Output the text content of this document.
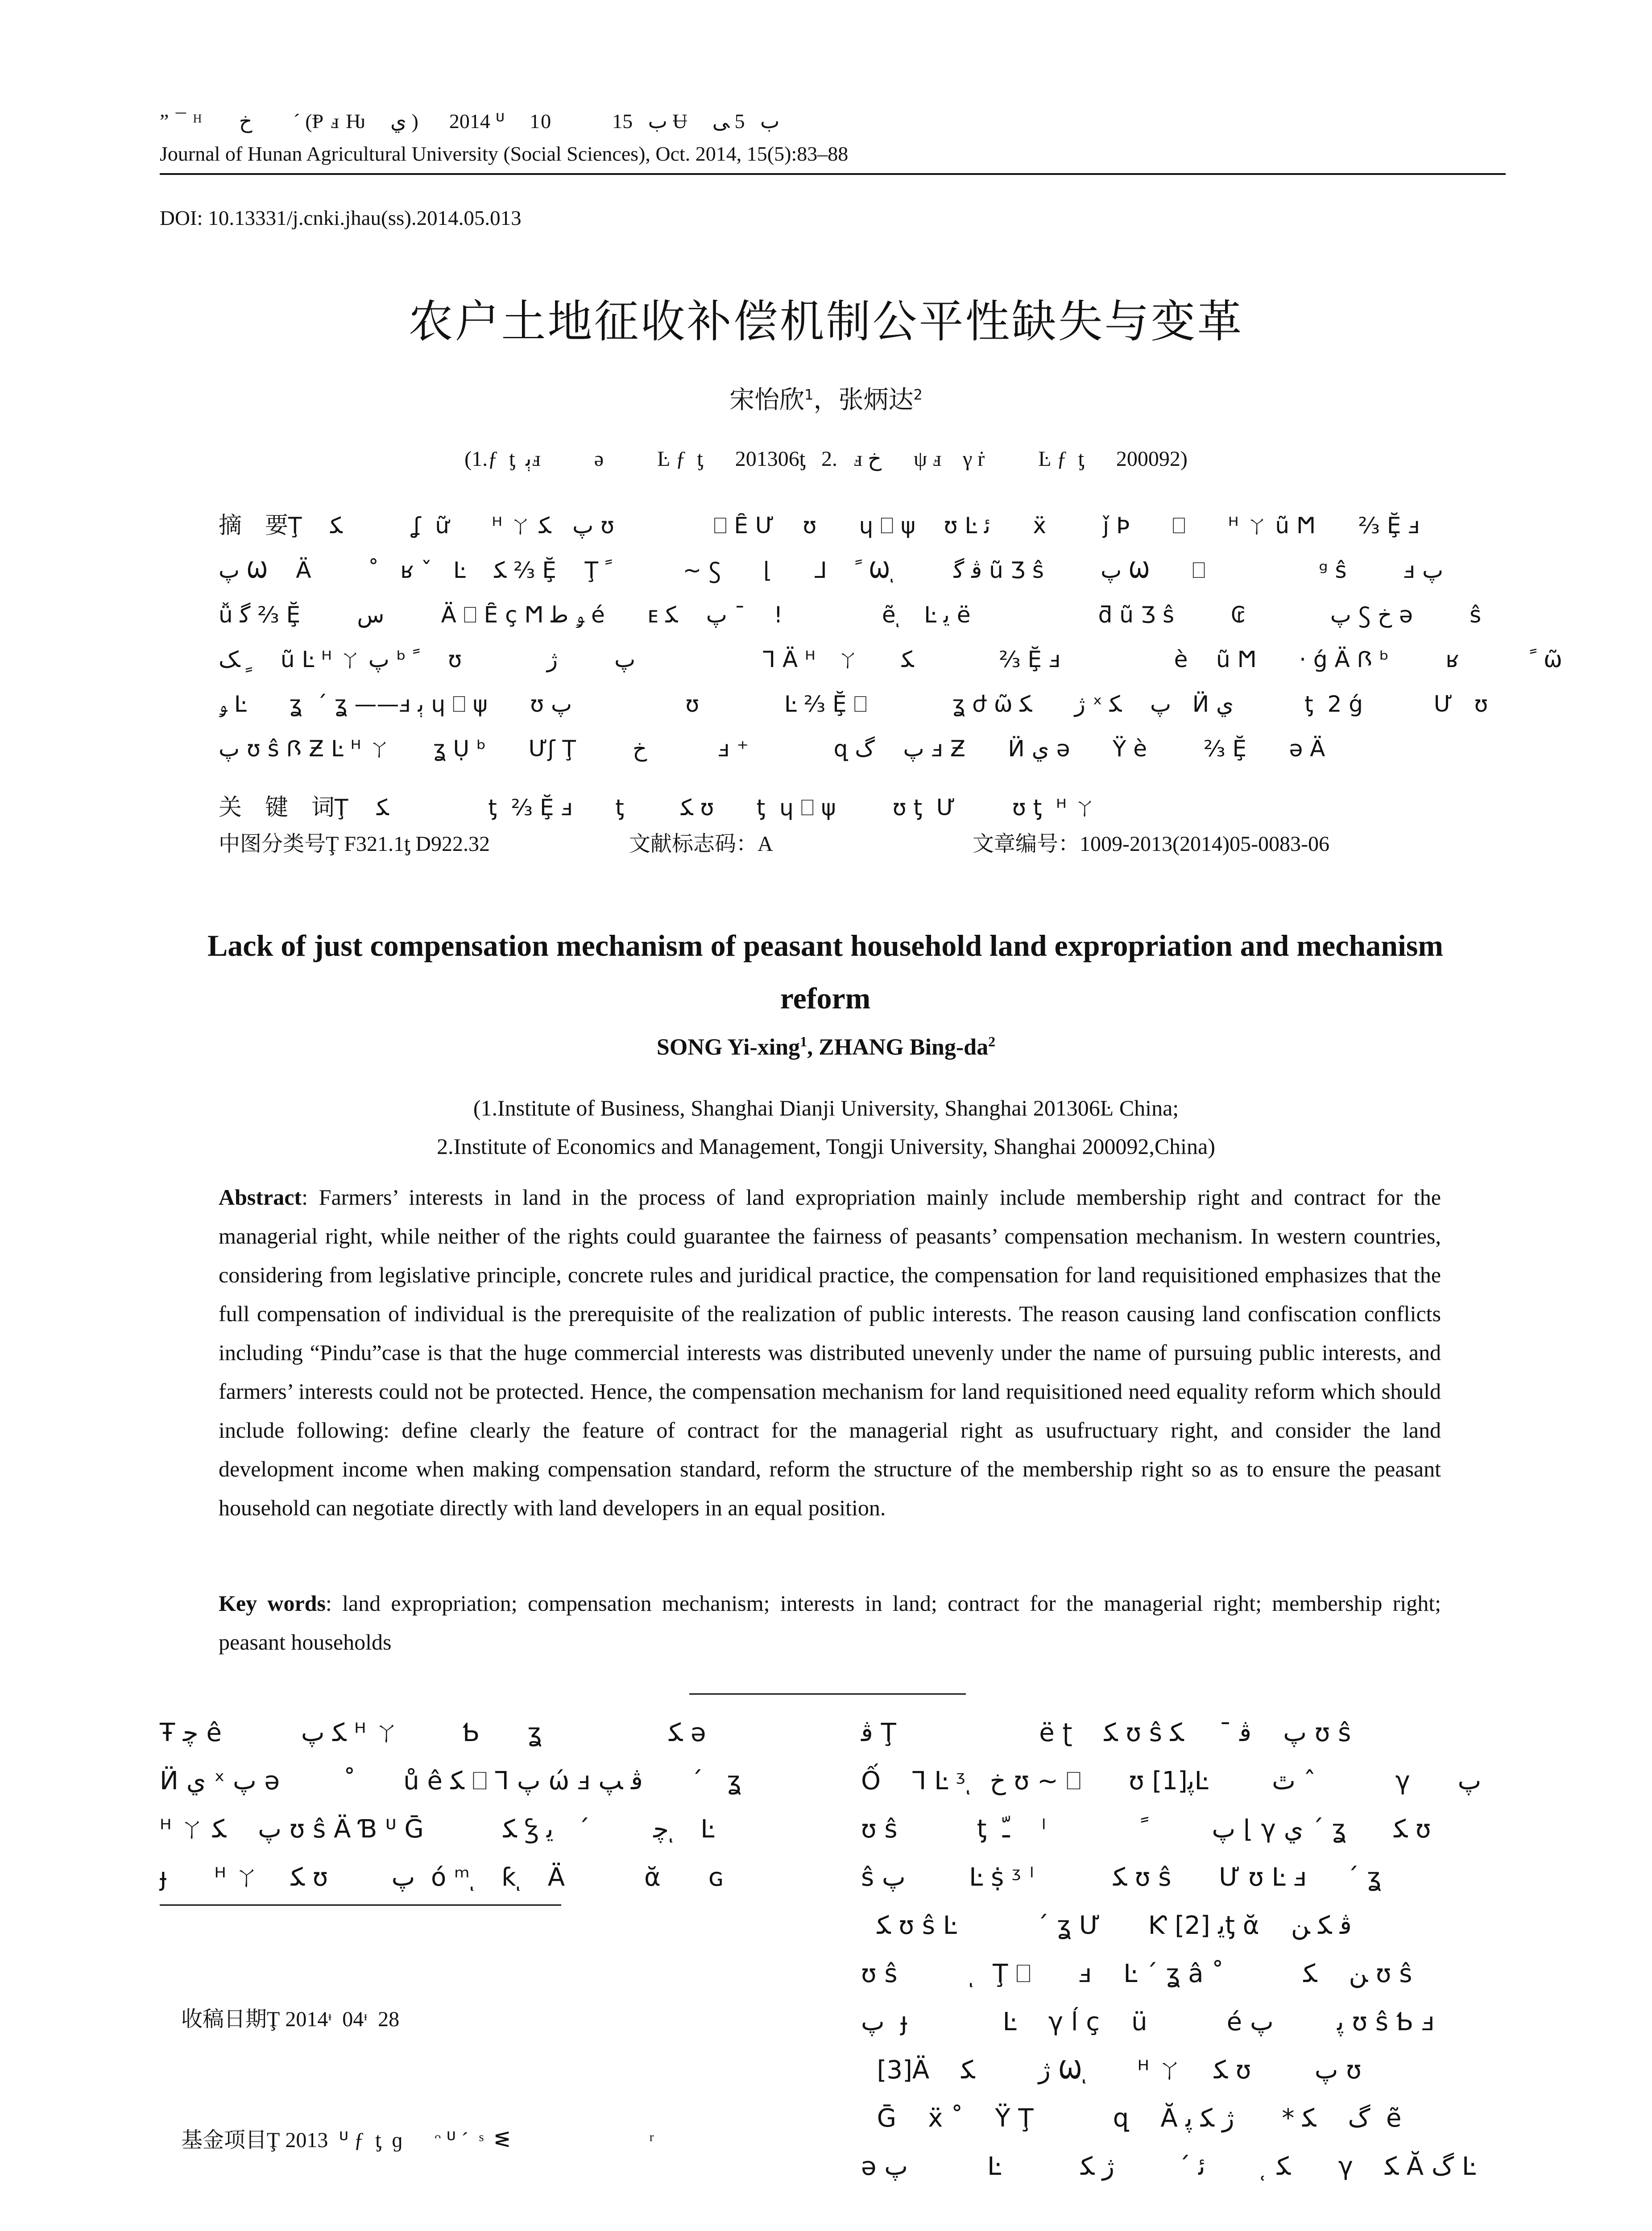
” ¯ ᴴ      ﺥ        ˊ (Ᵽ ⅎ Ƕ    ي )      2014 ᓑ    10          ب   15 Ʉ    ب   5 ﯽ
Journal of Hunan Agricultural University (Social Sciences), Oct. 2014, 15(5):83–88
DOI: 10.13331/j.cnki.jhau(ss).2014.05.013
农户土地征收补偿机制公平性缺失与变革
宋怡欣$^1$，张炳达$^2$
(1.ƒ  ƫ  ﭔⅎ          ә          Ŀ ƒ  ƫ      201306ƫ   2.   ⅎ ﺥ      ψ ⅎ    γ ṙ          Ŀ ƒ  ƫ      200092)
摘　要Ţ    ﻜ          ʆ  ữ      ᴴ ㄚ ﭖ   ﻜ ʊ              ⎕ Ȇ Ư    ʊ      ɥ ⎕ ψ    ʊ Ŀ ﺋ      ẍ        ǰ Ϸ      ⎕      ᴴ ㄚ ũ Ϻ      ⅔ Ḝ ⅎ
ﭖ Ѡ    Ä        ˚   ʁ ˇ   Ŀ    ﻜ ⅔ Ḝ    Ţ ﹰ          ~ Ꚃ      ⌊      ⅃    ﹰ Ѡ ͅ        ﭬ ﮔ ũ Ʒ ŝ        ﭖ Ѡ      ⎕                ᵍ ŝ        ⅎ ﭖ
ǚ ﮔ ⅔ Ḝ        ﺱ        Ä ⎕ Ȇ ç Ϻ ﯡ ﻃ é      ᴇ ﭖ    ﻜ ˉ    !              ẽ ͅ   Ŀ ﻳ ë                  ƌ ũ Ʒ ŝ        ₢            ﭖ Ꚃ ﺥ ә        ŝ
ﹴ ﮏ    ũ Ŀ ᴴ ㄚ ﭖ ᵇ ﹰ    ʊ            ﭖ        ژ                  ⅂ Ä ᴴ   ㄚ      ﻜ            ⅔ Ḝ ⅎ                è    ũ Ϻ      · ǵ Ä Ꟗ ᵇ        ʁ          ﹰ ῶ
ﯡ Ŀ      ʓ  ˊ ʓ ——ⅎ ﭔ ɥ ⎕ ψ      ʊ ﭖ                ʊ            Ŀ ⅔ Ḝ ⎕            ʓ ժ ῶ ژ      ﻜ ˣ ﭖ    ﻜ   Ӥ ي          ƫ  2 ǵ          Ư   ʊ
ﭖ ʊ ŝ Ꟗ Ƶ Ŀ ᴴ ㄚ      ʓ Ụ ᵇ      Ưʃ Ţ        ﺥ          ⅎ ⁺            զ ﭖ    ﮒ ⅎ Ƶ      Ӥ ي ә      Ÿ è        ⅔ Ḝ      ә Ä
关　键　词Ţ    ﻜ              ƫ  ⅔ Ḝ ⅎ      ƫ        ﻜ ʊ      ƫ  ɥ ⎕ ψ        ʊ ƫ  Ư        ʊ ƫ  ᴴ ㄚ

中图分类号Ţ F321.1ƫ D922.32

	文献标志码：A

	文章编号：1009-2013(2014)05-0083-06

Lack of just compensation mechanism of peasant household land expropriation and mechanism reform
SONG Yi-xing$^1$, ZHANG Bing-$da^2$
(1.Institute of Business, Shanghai Dianji University, Shanghai 201306Ŀ China;
2.Institute of Economics and Management, Tongji University, Shanghai 200092,China)
Abstract: Farmers’ interests in land in the process of land expropriation mainly include membership right and contract for the managerial right, while neither of the rights could guarantee the fairness of peasants’ compensation mechanism. In western countries, considering from legislative principle, concrete rules and juridical practice, the compensation for land requisitioned emphasizes that the full compensation of individual is the prerequisite of the realization of public interests. The reason causing land confiscation conflicts including “Pindu”case is that the huge commercial interests was distributed unevenly under the name of pursuing public interests, and farmers’ interests could not be protected. Hence, the compensation mechanism for land requisitioned need equality reform which should include following: define clearly the feature of contract for the managerial right as usufructuary right, and consider the land development income when making compensation standard, reform the structure of the membership right so as to ensure the peasant household can negotiate directly with land developers in an equal position.
Key words: land expropriation; compensation mechanism; interests in land; contract for the managerial right; membership right; peasant households
Ŧ ﭼ ê          ﻜ ﭖ ᴴ ㄚ        Ƅ      ʓ                ﻜ ә
Ӥ ي ˣ ﭖ ә        ˚      ů ê ﻜ ⎕ ⅂ ﭖ ώ ⅎ ﭬ ﭗ      ˊ   ʓ
ᴴ ㄚ ﭖ    ﻜ ʊ ŝ Ä Ɓ ᓑ Ḡ          ﻜ Ꝣ ﭼ        ˊ   ﻳ ͅ   Ŀ
ɟ      ᴴ ㄚ    ﻜ ʊ        ﭖ  ó ᵐ ͅ   ƙ ͅ   Ä          ᾰ      ɢ

收稿日期Ţ 2014ᶧ  04ᶧ  28

基金项目Ţ 2013  ᓑ ƒ  ƫ  ɡ      ᵔ ᓑ ˊ  ˢ  ᓬ                          ʳ

ﭬ Ţ                  ë ʈ    ﻜ ʊ ŝ ﭖ    ﭬ ̄      ﻜ ʊ ŝ
Ố    ⅂ Ŀ ᶾ ͅ  ﺥ ʊ ~ ⎕      ʊ ﭘ[1]Ŀ        ﭢ ˆ          γ      ﭖ
ʊ ŝ          ƫ  ﹽ    ˡ            ﭖ        ﹰ ⌊ γ ي ˊ ʓ      ﻜ ʊ
ŝ ﭖ        Ŀ ṩ ᶾ ˡ          ﻜ ʊ ŝ      Ư ʊ Ŀ ⅎ     ˊ ʓ
ﻜ ʊ ŝ Ŀ          ˊ ʓ Ư      Ƙ ﯾ [2]ƫ ᾰ    ﭬ ﮑ ﻦ
ʊ ŝ          ͅ  Ţ ⎕      ⅎ    Ŀ ˊ ʓ â ˚          ﻦ    ﻜ ʊ ŝ
ﭖ  ɟ            Ŀ    γ ĺ ç    ü          é ﭘ        ﭖ ʊ ŝ Ƅ ⅎ
[3]Ä    ژ        ﻜ Ѡ ͅ      ᴴ ㄚ    ﻜ ʊ        ﭖ ʊ
Ḡ    ẍ ˚    Ÿ Ţ          զ    Ă ﮒ    ﻜ *      ژ ﻜ ﭘ  ẽ
ә ﭖ          Ŀ          ﻜ ̜        ﺋ ˊ        ژ ﻜ      γ    ﻜ Ă ﮒ Ŀ
